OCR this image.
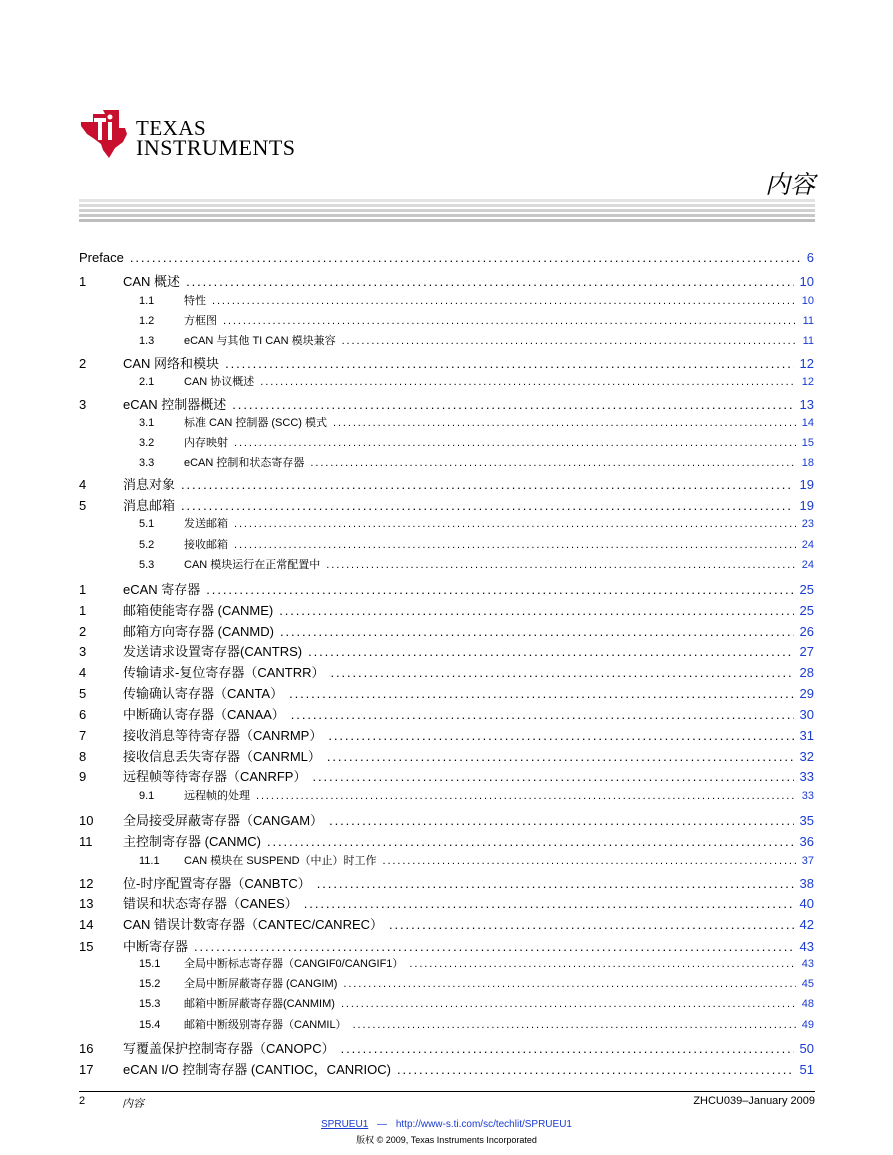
TEXAS
INSTRUMENTS
内容
Preface .....	6
1	CAN 概述 .....	10
1.1	特性 .....	10
1.2	方框图 .....	11
1.3	eCAN 与其他 TI CAN 模块兼容 .....	11
2	CAN 网络和模块 .....	12
2.1	CAN 协议概述 .....	12
3	eCAN 控制器概述 .....	13
3.1	标准 CAN 控制器 (SCC) 模式 .....	14
3.2	内存映射 .....	15
3.3	eCAN 控制和状态寄存器 .....	18
4	消息对象 .....	19
5	消息邮箱 .....	19
5.1	发送邮箱 .....	23
5.2	接收邮箱 .....	24
5.3	CAN 模块运行在正常配置中 .....	24
1	eCAN 寄存器 .....	25
1	邮箱使能寄存器 (CANME) .....	25
2	邮箱方向寄存器 (CANMD) .....	26
3	发送请求设置寄存器(CANTRS) .....	27
4	传输请求-复位寄存器（CANTRR） .....	28
5	传输确认寄存器（CANTA） .....	29
6	中断确认寄存器（CANAA） .....	30
7	接收消息等待寄存器（CANRMP） .....	31
8	接收信息丢失寄存器（CANRML） .....	32
9	远程帧等待寄存器（CANRFP） .....	33
9.1	远程帧的处理 .....	33
10	全局接受屏蔽寄存器（CANGAM） .....	35
11	主控制寄存器 (CANMC) .....	36
11.1	CAN 模块在 SUSPEND（中止）时工作 .....	37
12	位-时序配置寄存器（CANBTC） .....	38
13	错误和状态寄存器（CANES） .....	40
14	CAN 错误计数寄存器（CANTEC/CANREC） .....	42
15	中断寄存器 .....	43
15.1	全局中断标志寄存器（CANGIF0/CANGIF1） .....	43
15.2	全局中断屏蔽寄存器 (CANGIM) .....	45
15.3	邮箱中断屏蔽寄存器(CANMIM) .....	48
15.4	邮箱中断级别寄存器（CANMIL） .....	49
16	写覆盖保护控制寄存器（CANOPC） .....	50
17	eCAN I/O 控制寄存器 (CANTIOC，CANRIOC) .....	51
2	内容	ZHCU039–January 2009
SPRUEU1 — http://www-s.ti.com/sc/techlit/SPRUEU1
版权 © 2009, Texas Instruments Incorporated
